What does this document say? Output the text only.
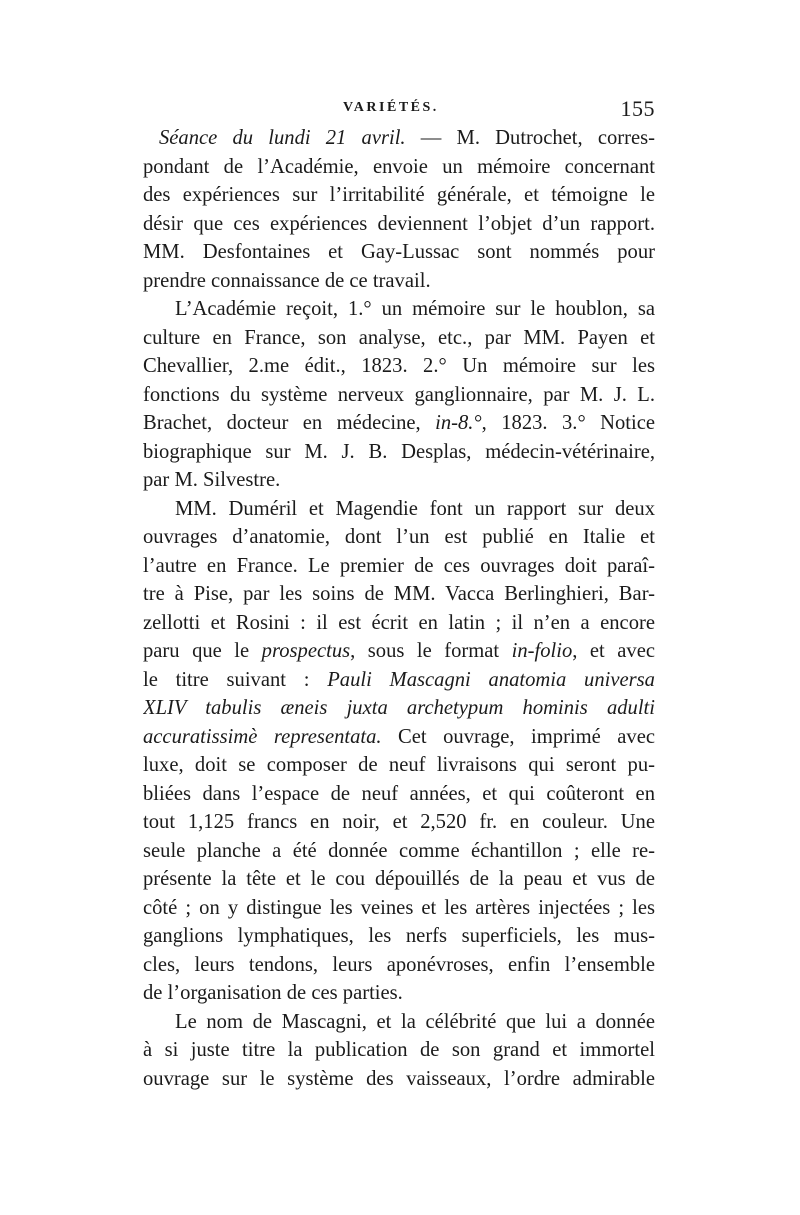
VARIÉTÉS.	155
Séance du lundi 21 avril. — M. Dutrochet, corres-
pondant de l’Académie, envoie un mémoire concernant
des expériences sur l’irritabilité générale, et témoigne le
désir que ces expériences deviennent l’objet d’un rapport.
MM. Desfontaines et Gay-Lussac sont nommés pour
prendre connaissance de ce travail.
L’Académie reçoit, 1.° un mémoire sur le houblon, sa
culture en France, son analyse, etc., par MM. Payen et
Chevallier, 2.me édit., 1823. 2.° Un mémoire sur les
fonctions du système nerveux ganglionnaire, par M. J. L.
Brachet, docteur en médecine, in-8.°, 1823. 3.° Notice
biographique sur M. J. B. Desplas, médecin-vétérinaire,
par M. Silvestre.
MM. Duméril et Magendie font un rapport sur deux
ouvrages d’anatomie, dont l’un est publié en Italie et
l’autre en France. Le premier de ces ouvrages doit paraî-
tre à Pise, par les soins de MM. Vacca Berlinghieri, Bar-
zellotti et Rosini : il est écrit en latin ; il n’en a encore
paru que le prospectus, sous le format in-folio, et avec
le titre suivant : Pauli Mascagni anatomia universa
XLIV tabulis æneis juxta archetypum hominis adulti
accuratissimè representata. Cet ouvrage, imprimé avec
luxe, doit se composer de neuf livraisons qui seront pu-
bliées dans l’espace de neuf années, et qui coûteront en
tout 1,125 francs en noir, et 2,520 fr. en couleur. Une
seule planche a été donnée comme échantillon ; elle re-
présente la tête et le cou dépouillés de la peau et vus de
côté ; on y distingue les veines et les artères injectées ; les
ganglions lymphatiques, les nerfs superficiels, les mus-
cles, leurs tendons, leurs aponévroses, enfin l’ensemble
de l’organisation de ces parties.
Le nom de Mascagni, et la célébrité que lui a donnée
à si juste titre la publication de son grand et immortel
ouvrage sur le système des vaisseaux, l’ordre admirable
